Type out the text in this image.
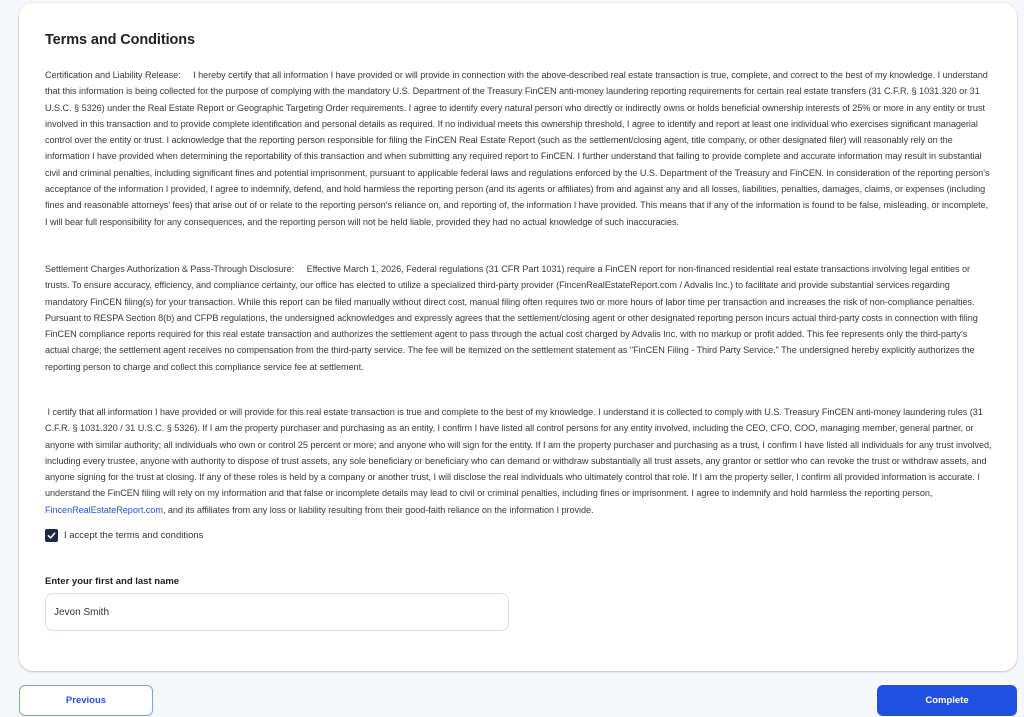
Terms and Conditions

Certification and Liability Release: I hereby certify that all information I have provided or will provide in connection with the above-described real estate transaction is true, complete, and correct to the best of my knowledge. I understand that this information is being collected for the purpose of complying with the mandatory U.S. Department of the Treasury FinCEN anti-money laundering reporting requirements for certain real estate transfers (31 C.F.R. § 1031.320 or 31 U.S.C. § 5326) under the Real Estate Report or Geographic Targeting Order requirements. I agree to identify every natural person who directly or indirectly owns or holds beneficial ownership interests of 25% or more in any entity or trust involved in this transaction and to provide complete identification and personal details as required. If no individual meets this ownership threshold, I agree to identify and report at least one individual who exercises significant managerial control over the entity or trust. I acknowledge that the reporting person responsible for filing the FinCEN Real Estate Report (such as the settlement/closing agent, title company, or other designated filer) will reasonably rely on the information I have provided when determining the reportability of this transaction and when submitting any required report to FinCEN. I further understand that failing to provide complete and accurate information may result in substantial civil and criminal penalties, including significant fines and potential imprisonment, pursuant to applicable federal laws and regulations enforced by the U.S. Department of the Treasury and FinCEN. In consideration of the reporting person’s acceptance of the information I provided, I agree to indemnify, defend, and hold harmless the reporting person (and its agents or affiliates) from and against any and all losses, liabilities, penalties, damages, claims, or expenses (including fines and reasonable attorneys’ fees) that arise out of or relate to the reporting person’s reliance on, and reporting of, the information I have provided. This means that if any of the information is found to be false, misleading, or incomplete, I will bear full responsibility for any consequences, and the reporting person will not be held liable, provided they had no actual knowledge of such inaccuracies.

Settlement Charges Authorization & Pass-Through Disclosure: Effective March 1, 2026, Federal regulations (31 CFR Part 1031) require a FinCEN report for non-financed residential real estate transactions involving legal entities or trusts. To ensure accuracy, efficiency, and compliance certainty, our office has elected to utilize a specialized third-party provider (FincenRealEstateReport.com / Advalis Inc.) to facilitate and provide substantial services regarding mandatory FinCEN filing(s) for your transaction. While this report can be filed manually without direct cost, manual filing often requires two or more hours of labor time per transaction and increases the risk of non-compliance penalties. Pursuant to RESPA Section 8(b) and CFPB regulations, the undersigned acknowledges and expressly agrees that the settlement/closing agent or other designated reporting person incurs actual third-party costs in connection with filing FinCEN compliance reports required for this real estate transaction and authorizes the settlement agent to pass through the actual cost charged by Advalis Inc. with no markup or profit added. This fee represents only the third-party’s actual charge; the settlement agent receives no compensation from the third-party service. The fee will be itemized on the settlement statement as "FinCEN Filing - Third Party Service." The undersigned hereby explicitly authorizes the reporting person to charge and collect this compliance service fee at settlement.

I certify that all information I have provided or will provide for this real estate transaction is true and complete to the best of my knowledge. I understand it is collected to comply with U.S. Treasury FinCEN anti-money laundering rules (31 C.F.R. § 1031.320 / 31 U.S.C. § 5326). If I am the property purchaser and purchasing as an entity, I confirm I have listed all control persons for any entity involved, including the CEO, CFO, COO, managing member, general partner, or anyone with similar authority; all individuals who own or control 25 percent or more; and anyone who will sign for the entity. If I am the property purchaser and purchasing as a trust, I confirm I have listed all individuals for any trust involved, including every trustee, anyone with authority to dispose of trust assets, any sole beneficiary or beneficiary who can demand or withdraw substantially all trust assets, any grantor or settlor who can revoke the trust or withdraw assets, and anyone signing for the trust at closing. If any of these roles is held by a company or another trust, I will disclose the real individuals who ultimately control that role. If I am the property seller, I confirm all provided information is accurate. I understand the FinCEN filing will rely on my information and that false or incomplete details may lead to civil or criminal penalties, including fines or imprisonment. I agree to indemnify and hold harmless the reporting person, FincenRealEstateReport.com, and its affiliates from any loss or liability resulting from their good-faith reliance on the information I provide.

I accept the terms and conditions
Enter your first and last name
Jevon Smith
Previous	Complete
